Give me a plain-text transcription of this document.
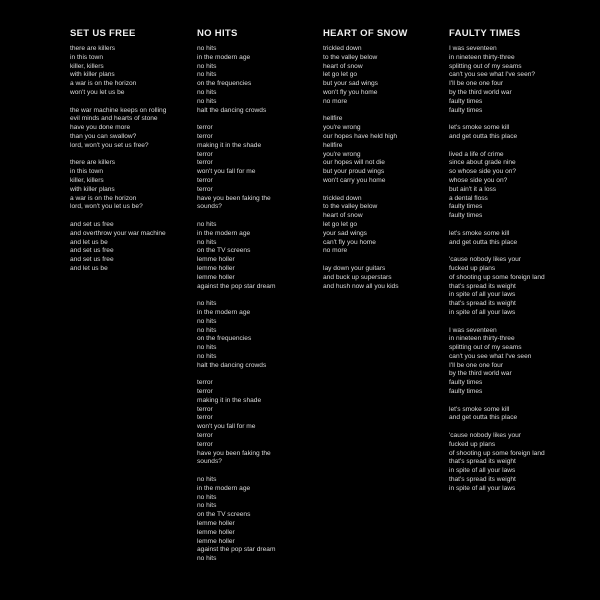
SET US FREE
there are killers
in this town
killer, killers
with killer plans
a war is on the horizon
won't you let us be
the war machine keeps on rolling
evil minds and hearts of stone
have you done more
than you can swallow?
lord, won't you set us free?
there are killers
in this town
killer, killers
with killer plans
a war is on the horizon
lord, won't you let us be?
and set us free
and overthrow your war machine
and let us be
and set us free
and set us free
and let us be
NO HITS
no hits
in the modern age
no hits
no hits
on the frequencies
no hits
no hits
halt the dancing crowds
terror
terror
making it in the shade
terror
terror
won't you fall for me
terror
terror
have you been faking the
sounds?
no hits
in the modern age
no hits
on the TV screens
lemme holler
lemme holler
lemme holler
against the pop star dream
no hits
in the modern age
no hits
no hits
on the frequencies
no hits
no hits
halt the dancing crowds
terror
terror
making it in the shade
terror
terror
won't you fall for me
terror
terror
have you been faking the
sounds?
no hits
in the modern age
no hits
no hits
on the TV screens
lemme holler
lemme holler
lemme holler
against the pop star dream
no hits
HEART OF SNOW
trickled down
to the valley below
heart of snow
let go let go
but your sad wings
won't fly you home
no more
hellfire
you're wrong
our hopes have held high
hellfire
you're wrong
our hopes will not die
but your proud wings
won't carry you home
trickled down
to the valley below
heart of snow
let go let go
your sad wings
can't fly you home
no more
lay down your guitars
and buck up superstars
and hush now all you kids
FAULTY TIMES
I was seventeen
in nineteen thirty-three
splitting out of my seams
can't you see what I've seen?
I'll be one one four
by the third world war
faulty times
faulty times
let's smoke some kill
and get outta this place
lived a life of crime
since about grade nine
so whose side you on?
whose side you on?
but ain't it a loss
a dental floss
faulty times
faulty times
let's smoke some kill
and get outta this place
'cause nobody likes your
fucked up plans
of shooting up some foreign land
that's spread its weight
in spite of all your laws
that's spread its weight
in spite of all your laws
I was seventeen
in nineteen thirty-three
splitting out of my seams
can't you see what I've seen
I'll be one one four
by the third world war
faulty times
faulty times
let's smoke some kill
and get outta this place
'cause nobody likes your
fucked up plans
of shooting up some foreign land
that's spread its weight
in spite of all your laws
that's spread its weight
in spite of all your laws
